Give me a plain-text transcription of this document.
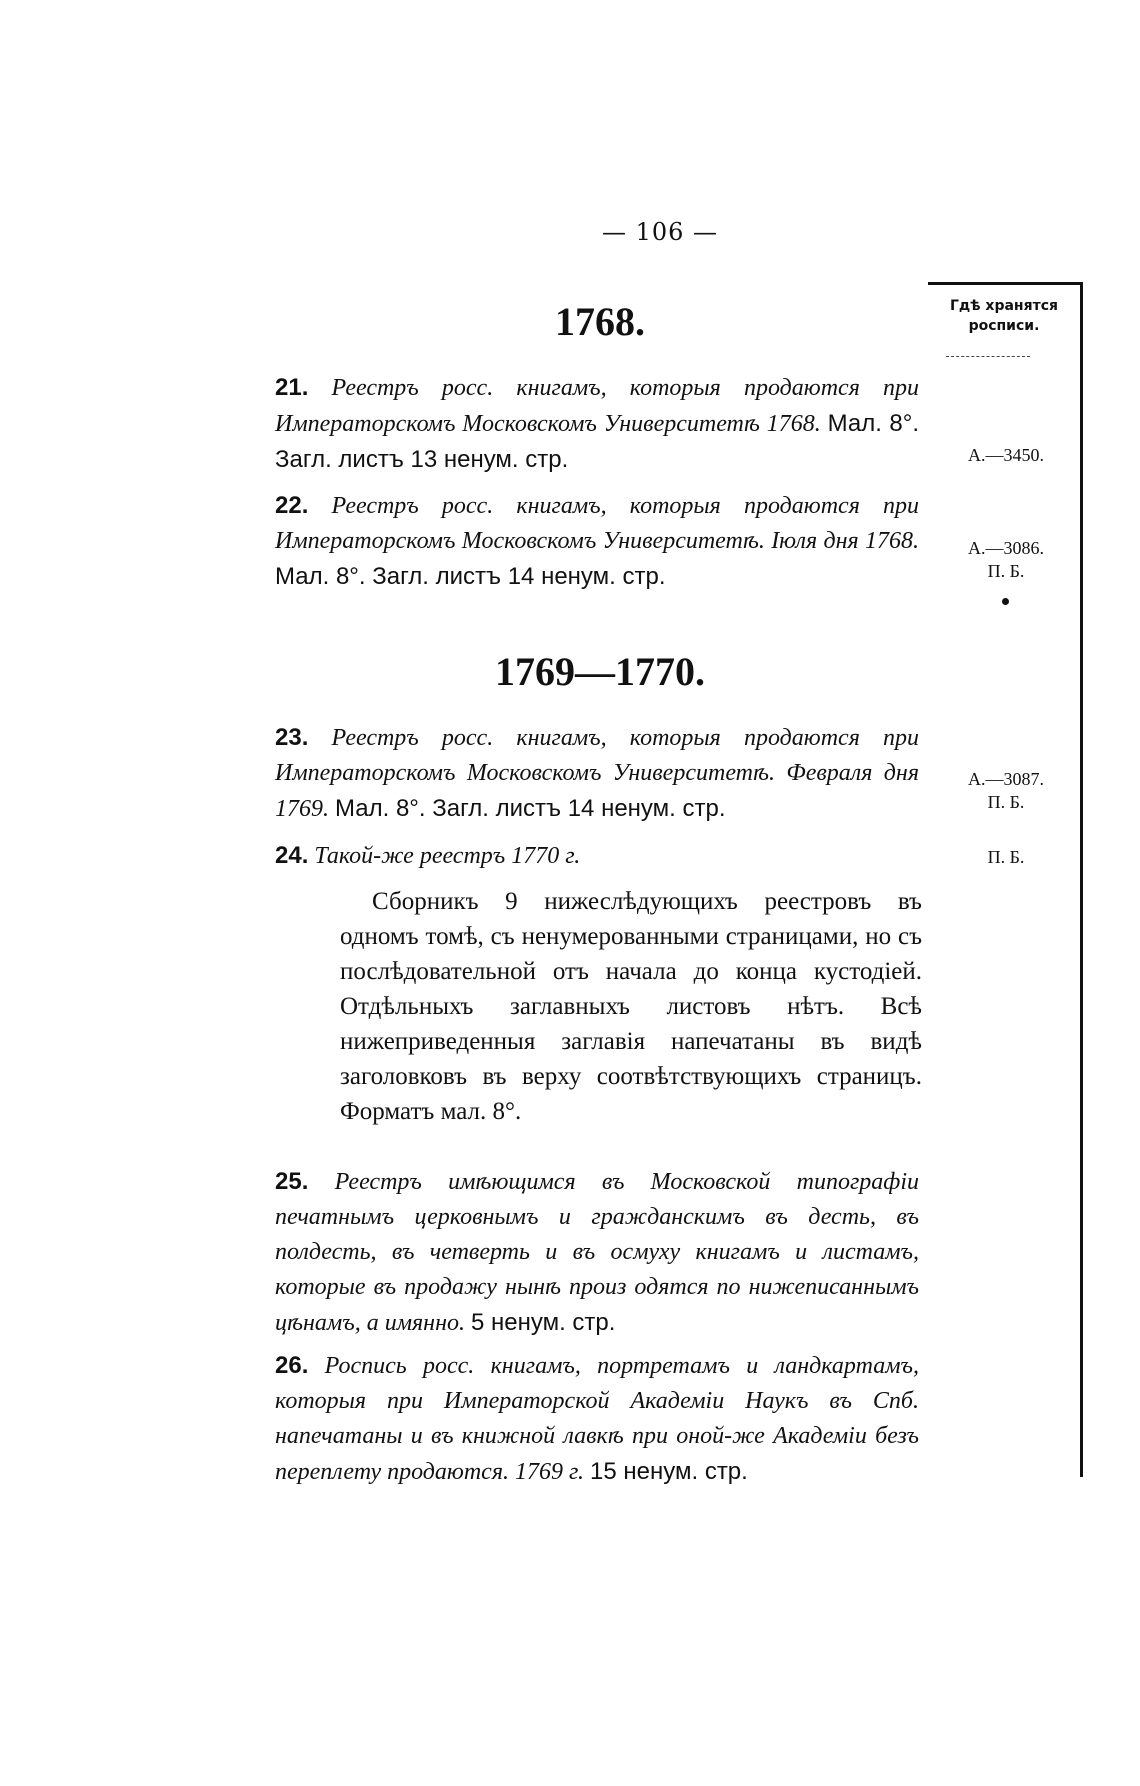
— 106 —
Гдѣ хранятся росписи.
1768.
21. Реестръ росс. книгамъ, которыя продаются при Императорскомъ Московскомъ Университетѣ 1768. Мал. 8°. Загл. листъ 13 ненум. стр.	А.—3450.
22. Реестръ росс. книгамъ, которыя продаются при Императорскомъ Московскомъ Университетѣ. Іюля дня 1768. Мал. 8°. Загл. листъ 14 ненум. стр.
А.—3086.
П. Б.
1769—1770.
23. Реестръ росс. книгамъ, которыя продаются при Императорскомъ Московскомъ Университетѣ. Февраля дня 1769. Мал. 8°. Загл. листъ 14 ненум. стр.
А.—3087.
П. Б.
24. Такой-же реестръ 1770 г.	П. Б.
Сборникъ 9 нижеслѣдующихъ реестровъ въ одномъ томѣ, съ ненумерованными страницами, но съ послѣдовательной отъ начала до конца кустодіей. Отдѣльныхъ заглавныхъ листовъ нѣтъ. Всѣ нижеприведенныя заглавія напечатаны въ видѣ заголовковъ въ верху соотвѣтствующихъ страницъ. Форматъ мал. 8°.
25. Реестръ имѣющимся въ Московской типографіи печатнымъ церковнымъ и гражданскимъ въ десть, въ полдесть, въ четверть и въ осмуху книгамъ и листамъ, которые въ продажу нынѣ произ одятся по нижеписаннымъ цѣнамъ, а имянно. 5 ненум. стр.
26. Роспись росс. книгамъ, портретамъ и ландкартамъ, которыя при Императорской Академіи Наукъ въ Спб. напечатаны и въ книжной лавкѣ при оной-же Академіи безъ переплету продаются. 1769 г. 15 ненум. стр.
